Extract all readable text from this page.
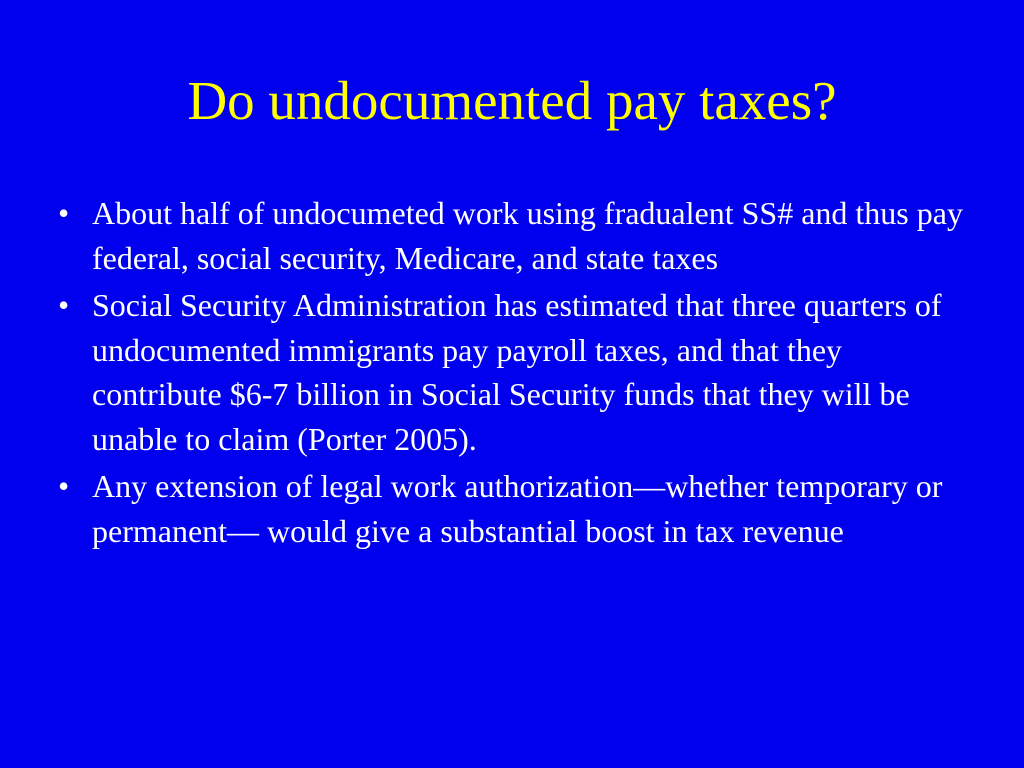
Do undocumented pay taxes?
• About half of undocumeted work using fradualent SS# and thus pay federal, social security, Medicare, and state taxes
• Social Security Administration has estimated that three quarters of undocumented immigrants pay payroll taxes, and that they contribute $6-7 billion in Social Security funds that they will be unable to claim (Porter 2005).
• Any extension of legal work authorization—whether temporary or permanent— would give a substantial boost in tax revenue
